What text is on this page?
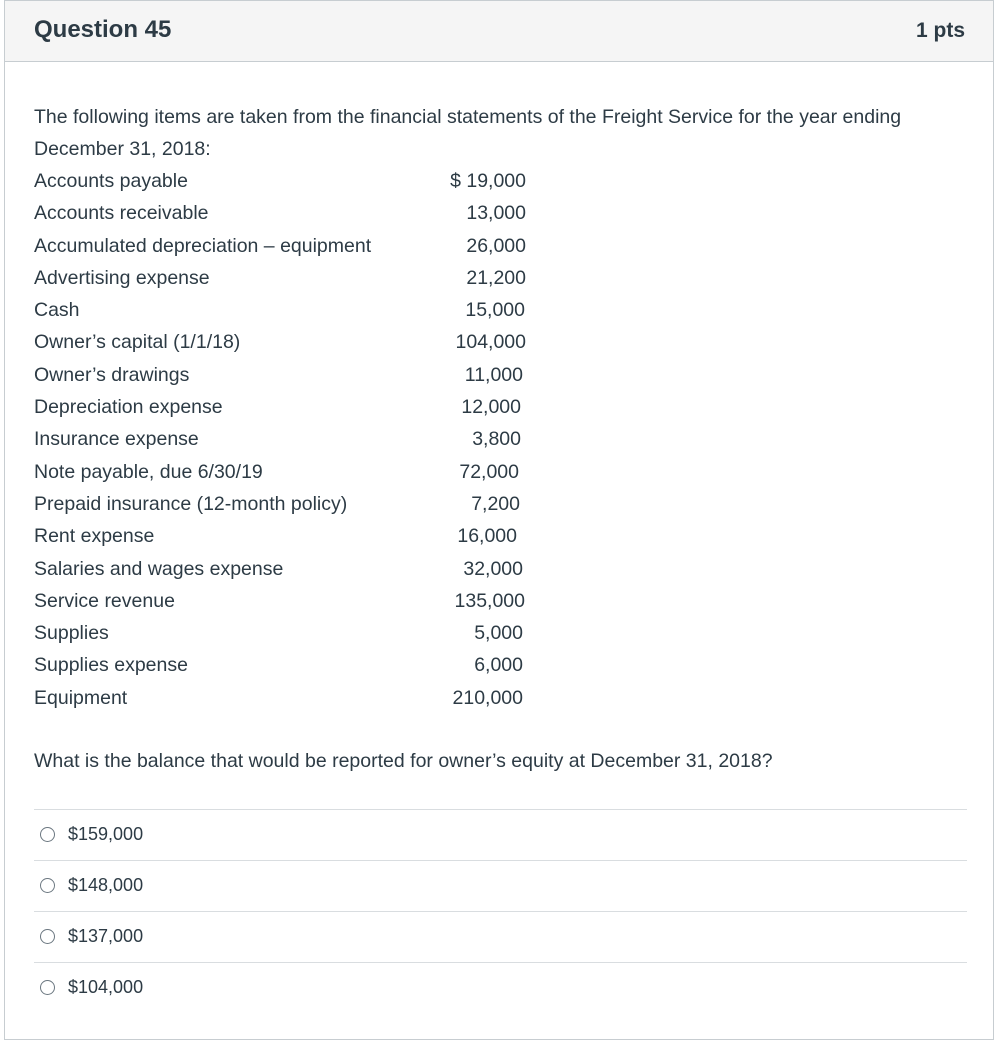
Question 45	1 pts

The following items are taken from the financial statements of the Freight Service for the year ending December 31, 2018:

Accounts payable	$ 19,000
Accounts receivable	13,000
Accumulated depreciation – equipment	26,000
Advertising expense	21,200
Cash	15,000
Owner’s capital (1/1/18)	104,000
Owner’s drawings	11,000
Depreciation expense	12,000
Insurance expense	3,800
Note payable, due 6/30/19	72,000
Prepaid insurance (12-month policy)	7,200
Rent expense	16,000
Salaries and wages expense	32,000
Service revenue	135,000
Supplies	5,000
Supplies expense	6,000
Equipment	210,000

What is the balance that would be reported for owner’s equity at December 31, 2018?

$159,000
$148,000
$137,000
$104,000
